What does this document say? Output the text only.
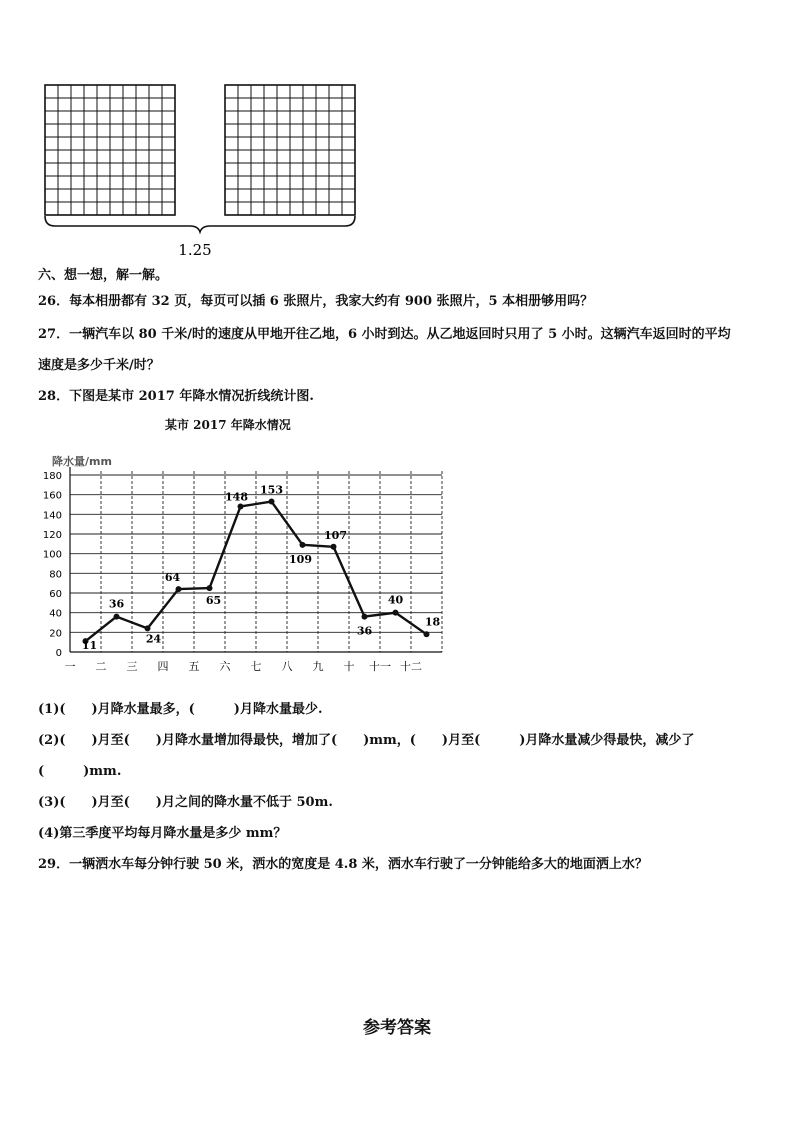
1.25
六、想一想，解一解。
26．每本相册都有 32 页，每页可以插 6 张照片，我家大约有 900 张照片，5 本相册够用吗？
27．一辆汽车以 80 千米/时的速度从甲地开往乙地，6 小时到达。从乙地返回时只用了 5 小时。这辆汽车返回时的平均
速度是多少千米/时？
28．下图是某市 2017 年降水情况折线统计图.
某市 2017 年降水情况
降水量/mm
0
20
40
60
80
100
120
140
160
180
一 二 三 四 五 六 七 八 九 十 十一 十二
11
36
24
64
65
148
153
109
107
36
40
18
(1)(　　)月降水量最多，(　　　)月降水量最少.
(2)(　　)月至(　　)月降水量增加得最快，增加了(　　)mm，(　　)月至(　　　)月降水量减少得最快，减少了
(　　　)mm.
(3)(　　)月至(　　)月之间的降水量不低于 50m.
(4)第三季度平均每月降水量是多少 mm？
29．一辆洒水车每分钟行驶 50 米，洒水的宽度是 4.8 米，洒水车行驶了一分钟能给多大的地面洒上水？
参考答案
